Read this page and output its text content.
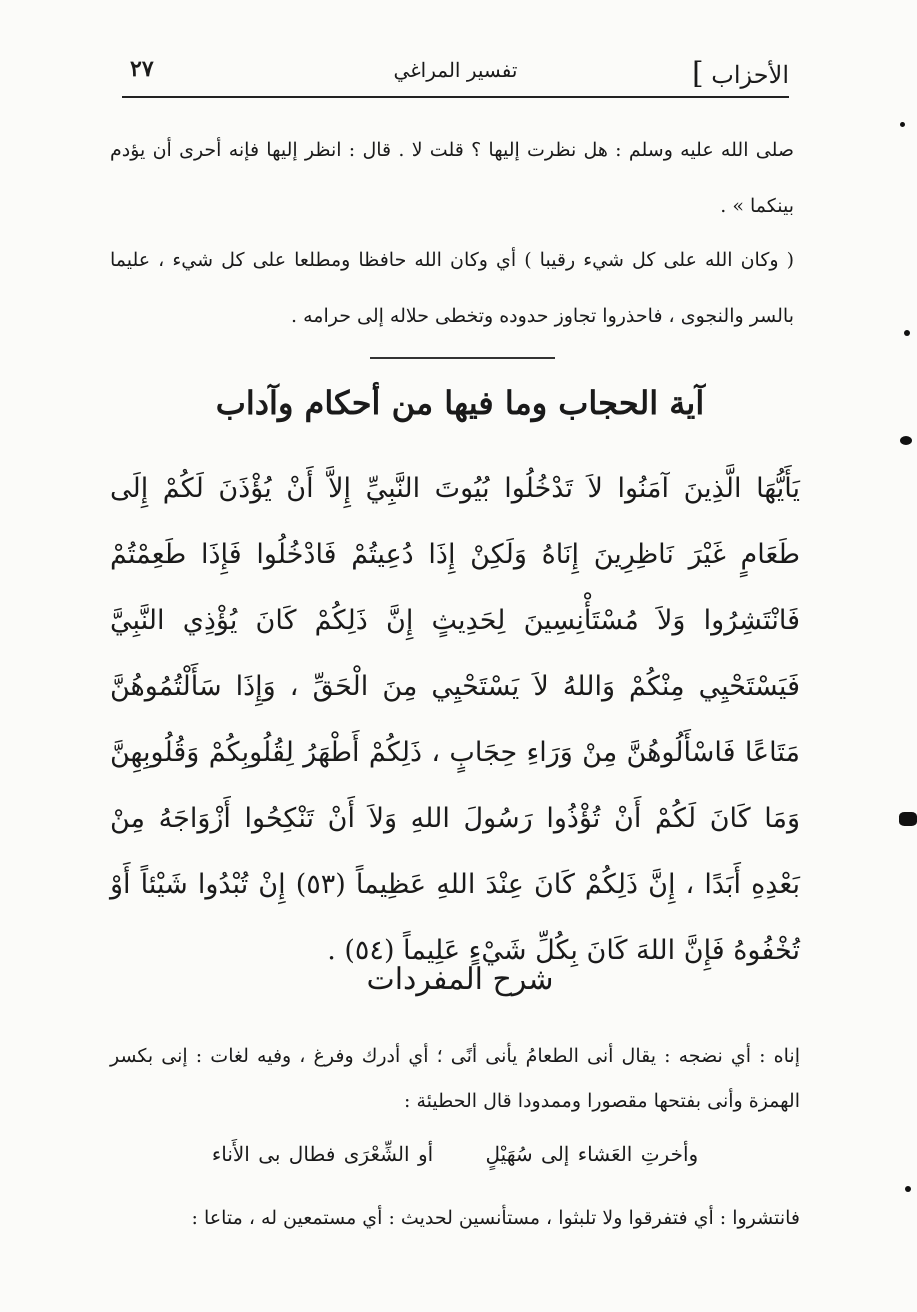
الأحزاب ]
تفسير المراغي
٢٧
صلى الله عليه وسلم : هل نظرت إليها ؟ قلت لا . قال : انظر إليها فإنه أحرى أن يؤدم بينكما » .
( وكان الله على كل شيء رقيبا ) أي وكان الله حافظا ومطلعا على كل شيء ، عليما بالسر والنجوى ، فاحذروا تجاوز حدوده وتخطى حلاله إلى حرامه .
آية الحجاب وما فيها من أحكام وآداب
يَأَيُّهَا الَّذِينَ آمَنُوا لاَ تَدْخُلُوا بُيُوتَ النَّبِيِّ إِلاَّ أَنْ يُؤْذَنَ لَكُمْ إِلَى طَعَامٍ غَيْرَ نَاظِرِينَ إِنَاهُ وَلَكِنْ إِذَا دُعِيتُمْ فَادْخُلُوا فَإِذَا طَعِمْتُمْ فَانْتَشِرُوا وَلاَ مُسْتَأْنِسِينَ لِحَدِيثٍ إِنَّ ذَلِكُمْ كَانَ يُؤْذِي النَّبِيَّ فَيَسْتَحْيِي مِنْكُمْ وَاللهُ لاَ يَسْتَحْيِي مِنَ الْحَقِّ ، وَإِذَا سَأَلْتُمُوهُنَّ مَتَاعًا فَاسْأَلُوهُنَّ مِنْ وَرَاءِ حِجَابٍ ، ذَلِكُمْ أَطْهَرُ لِقُلُوبِكُمْ وَقُلُوبِهِنَّ وَمَا كَانَ لَكُمْ أَنْ تُؤْذُوا رَسُولَ اللهِ وَلاَ أَنْ تَنْكِحُوا أَزْوَاجَهُ مِنْ بَعْدِهِ أَبَدًا ، إِنَّ ذَلِكُمْ كَانَ عِنْدَ اللهِ عَظِيماً (٥٣) إِنْ تُبْدُوا شَيْئاً أَوْ تُخْفُوهُ فَإِنَّ اللهَ كَانَ بِكُلِّ شَيْءٍ عَلِيماً (٥٤) .
شرح المفردات
إناه : أي نضجه : يقال أنى الطعامُ يأنى أنًى ؛ أي أدرك وفرغ ، وفيه لغات : إنى بكسر الهمزة وأنى بفتحها مقصورا وممدودا قال الحطيئة :
وأخرتِ العَشاء إلى سُهَيْلٍ أو الشِّعْرَى فطال بى الأَناء
فانتشروا : أي فتفرقوا ولا تلبثوا ، مستأنسين لحديث : أي مستمعين له ، متاعا :
